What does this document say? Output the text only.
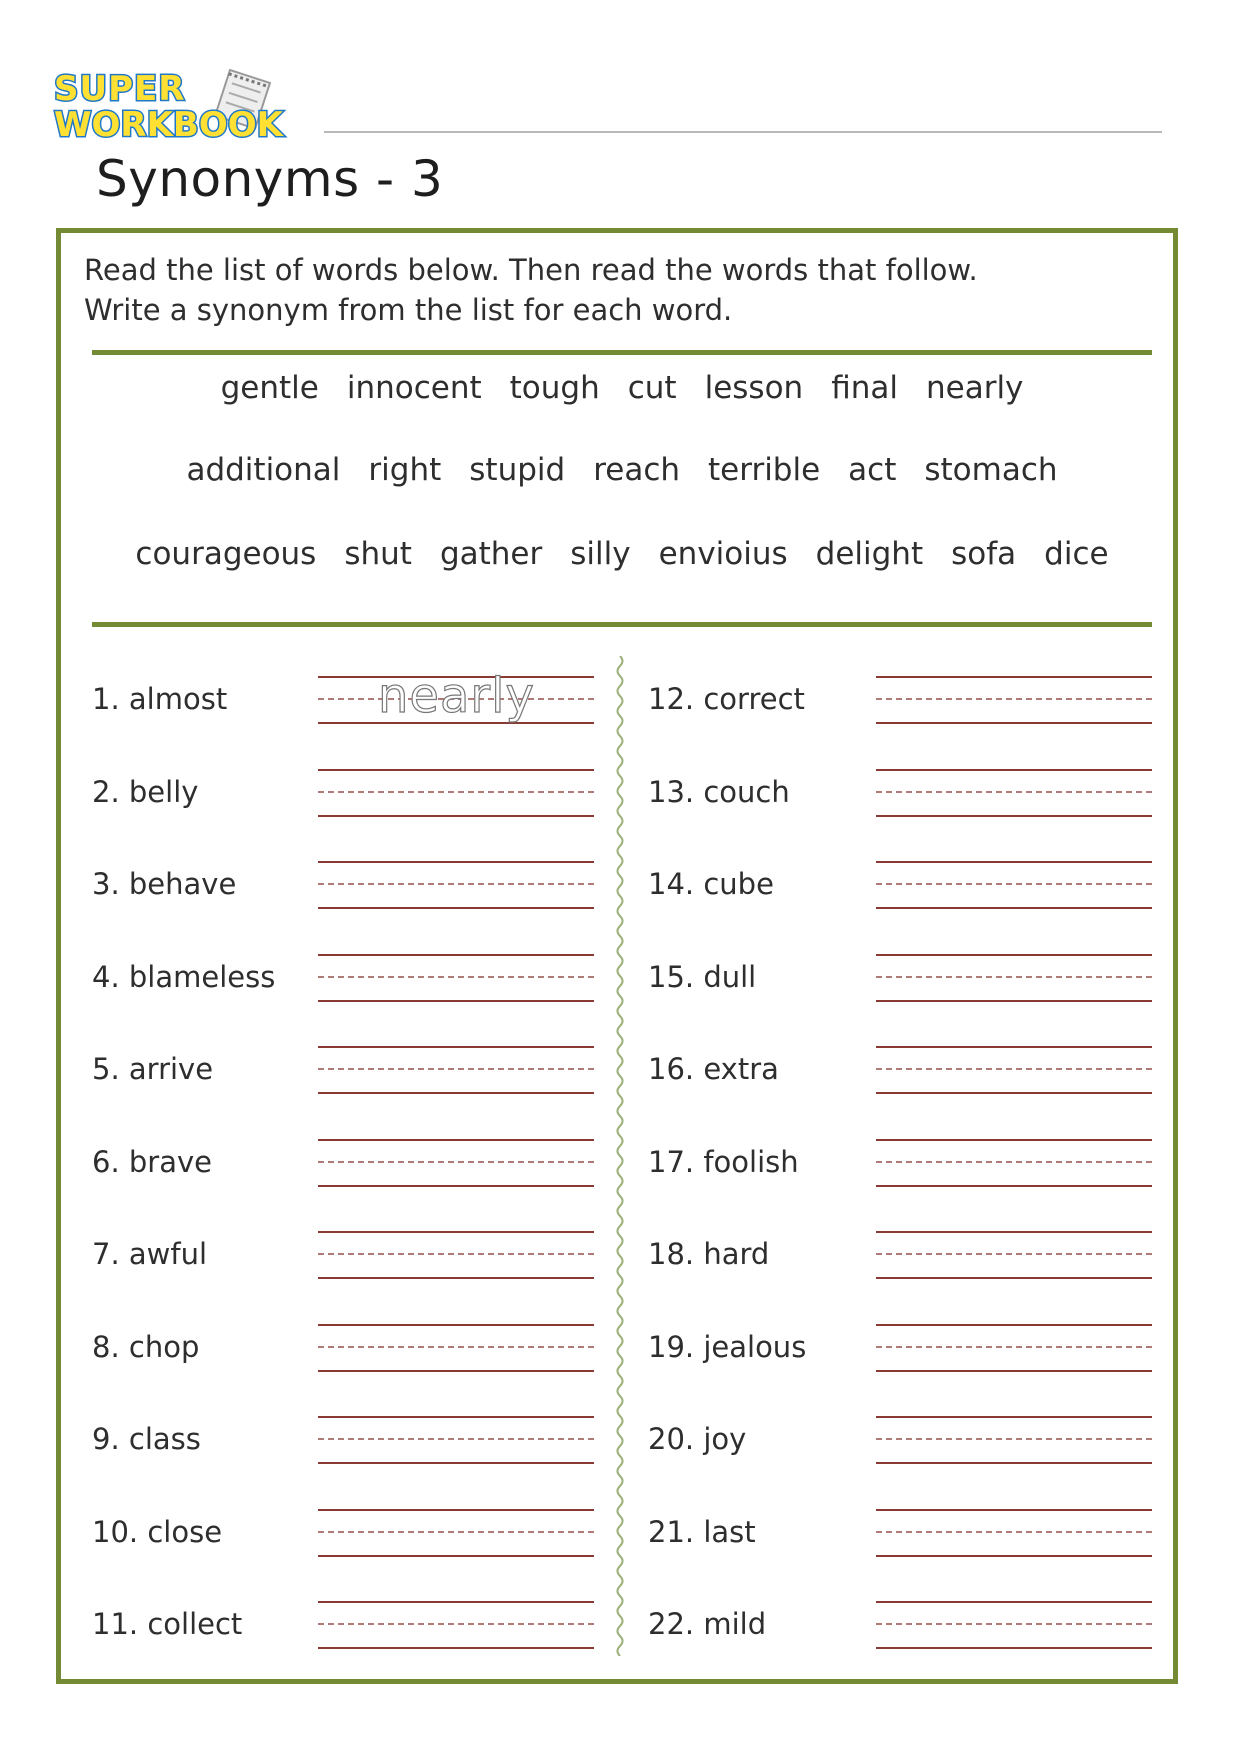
SUPER
WORKBOOK
Synonyms - 3
Read the list of words below. Then read the words that follow.
Write a synonym from the list for each word.
gentle innocent tough cut lesson final nearly
additional right stupid reach terrible act stomach
courageous shut gather silly envioius delight sofa dice
1. almost	nearly
2. belly
3. behave
4. blameless
5. arrive
6. brave
7. awful
8. chop
9. class
10. close
11. collect
12. correct
13. couch
14. cube
15. dull
16. extra
17. foolish
18. hard
19. jealous
20. joy
21. last
22. mild
